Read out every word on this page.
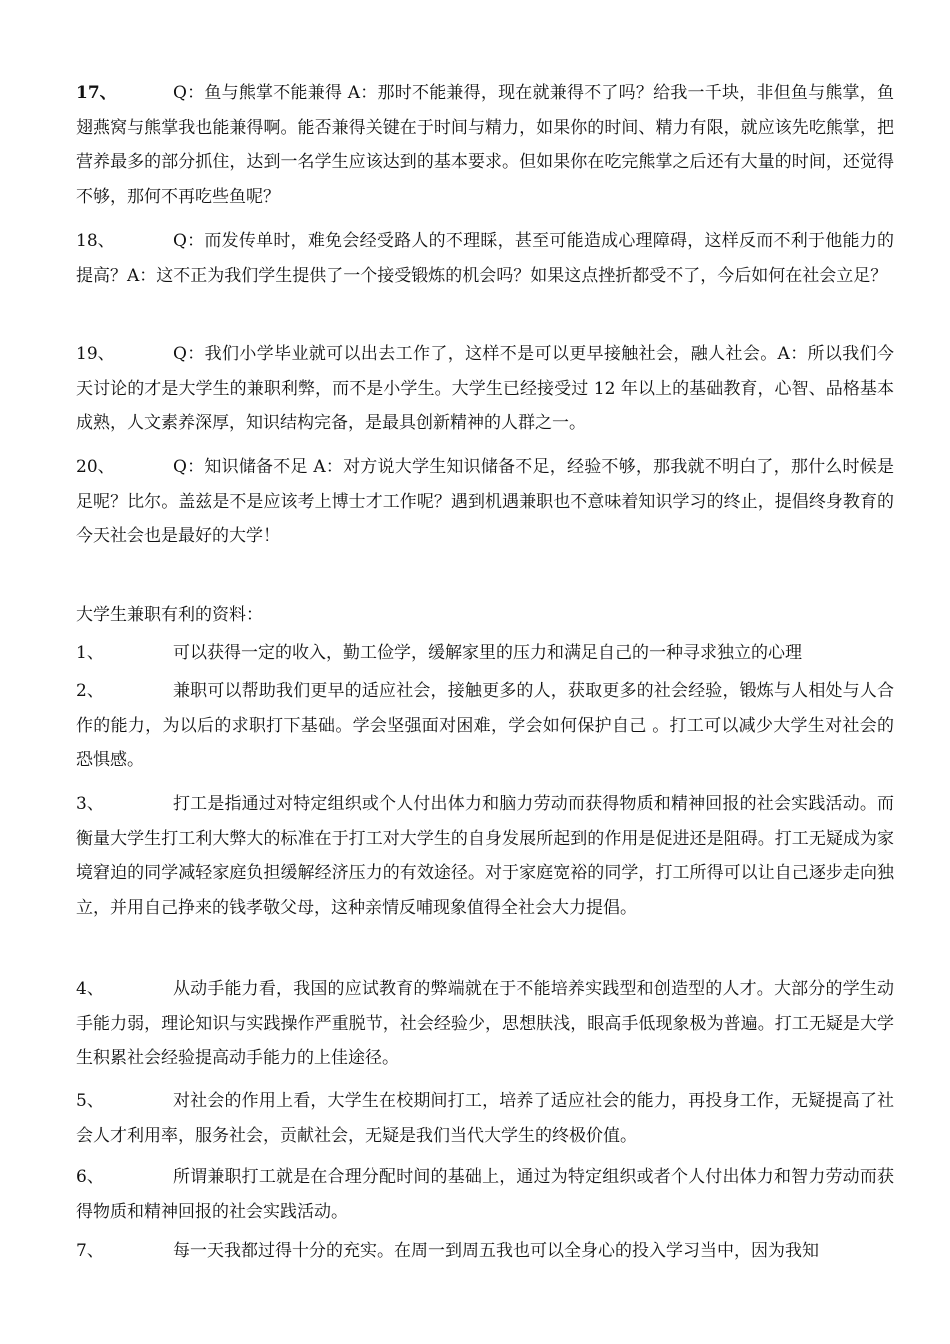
17、	Q：鱼与熊掌不能兼得 A：那时不能兼得，现在就兼得不了吗？给我一千块，非但鱼与熊掌，鱼翅燕窝与熊掌我也能兼得啊。能否兼得关键在于时间与精力，如果你的时间、精力有限，就应该先吃熊掌，把营养最多的部分抓住，达到一名学生应该达到的基本要求。但如果你在吃完熊掌之后还有大量的时间，还觉得不够，那何不再吃些鱼呢？
18、	Q：而发传单时，难免会经受路人的不理睬，甚至可能造成心理障碍，这样反而不利于他能力的提高？A：这不正为我们学生提供了一个接受锻炼的机会吗？如果这点挫折都受不了，今后如何在社会立足？
19、	Q：我们小学毕业就可以出去工作了，这样不是可以更早接触社会，融人社会。A：所以我们今天讨论的才是大学生的兼职利弊，而不是小学生。大学生已经接受过 12 年以上的基础教育，心智、品格基本成熟，人文素养深厚，知识结构完备，是最具创新精神的人群之一。
20、	Q：知识储备不足 A：对方说大学生知识储备不足，经验不够，那我就不明白了，那什么时候是 足呢？比尔。盖兹是不是应该考上博士才工作呢？遇到机遇兼职也不意味着知识学习的终止，提倡终身教育的今天社会也是最好的大学！
大学生兼职有利的资料：
1、	可以获得一定的收入，勤工俭学，缓解家里的压力和满足自己的一种寻求独立的心理
2、	兼职可以帮助我们更早的适应社会，接触更多的人，获取更多的社会经验，锻炼与人相处与人合作的能力，为以后的求职打下基础。学会坚强面对困难，学会如何保护自己 。打工可以减少大学生对社会的恐惧感。
3、	打工是指通过对特定组织或个人付出体力和脑力劳动而获得物质和精神回报的社会实践活动。而衡量大学生打工利大弊大的标准在于打工对大学生的自身发展所起到的作用是促进还是阻碍。打工无疑成为家境窘迫的同学减轻家庭负担缓解经济压力的有效途径。对于家庭宽裕的同学，打工所得可以让自己逐步走向独立，并用自己挣来的钱孝敬父母，这种亲情反哺现象值得全社会大力提倡。
4、	从动手能力看，我国的应试教育的弊端就在于不能培养实践型和创造型的人才。大部分的学生动手能力弱，理论知识与实践操作严重脱节，社会经验少，思想肤浅，眼高手低现象极为普遍。打工无疑是大学生积累社会经验提高动手能力的上佳途径。
5、	对社会的作用上看，大学生在校期间打工，培养了适应社会的能力，再投身工作，无疑提高了社会人才利用率，服务社会，贡献社会，无疑是我们当代大学生的终极价值。
6、	所谓兼职打工就是在合理分配时间的基础上，通过为特定组织或者个人付出体力和智力劳动而获得物质和精神回报的社会实践活动。
7、	每一天我都过得十分的充实。在周一到周五我也可以全身心的投入学习当中，因为我知
